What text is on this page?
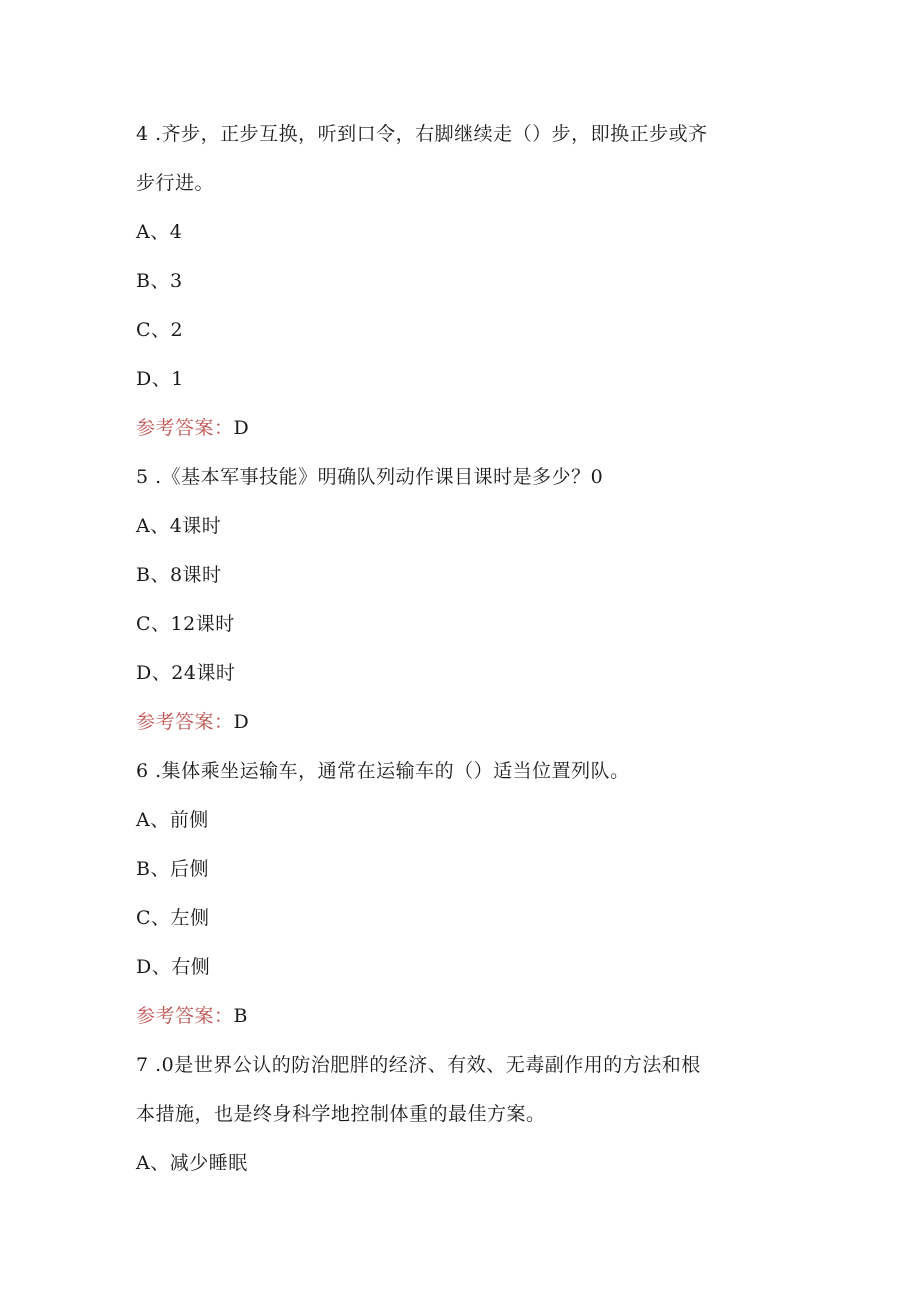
4 .齐步，正步互换，听到口令，右脚继续走（）步，即换正步或齐
步行进。
A、4
B、3
C、2
D、1
参考答案：D
5 .《基本军事技能》明确队列动作课目课时是多少？0
A、4课时
B、8课时
C、12课时
D、24课时
参考答案：D
6 .集体乘坐运输车，通常在运输车的（）适当位置列队。
A、前侧
B、后侧
C、左侧
D、右侧
参考答案：B
7 .0是世界公认的防治肥胖的经济、有效、无毒副作用的方法和根
本措施，也是终身科学地控制体重的最佳方案。
A、减少睡眠
